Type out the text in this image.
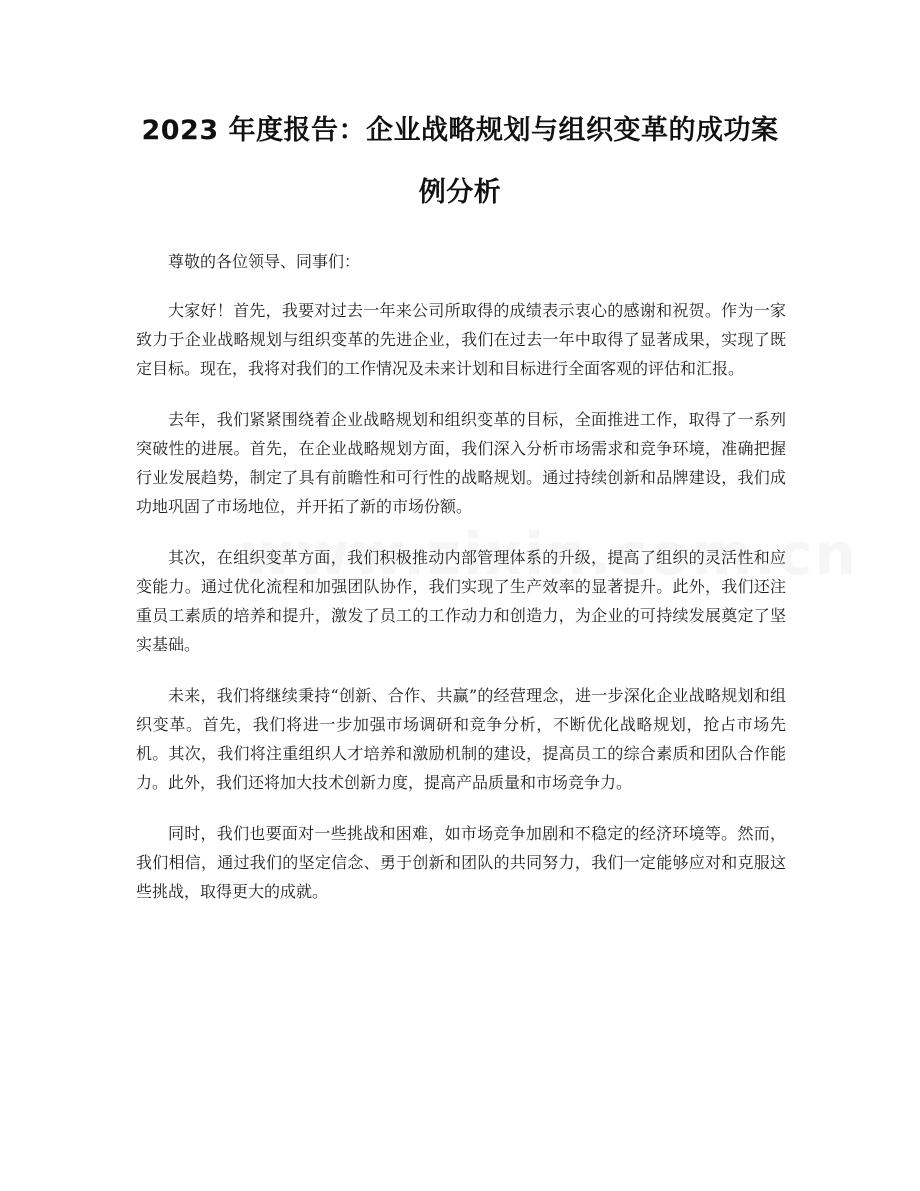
2023 年度报告：企业战略规划与组织变革的成功案例分析

尊敬的各位领导、同事们：

大家好！首先，我要对过去一年来公司所取得的成绩表示衷心的感谢和祝贺。作为一家致力于企业战略规划与组织变革的先进企业，我们在过去一年中取得了显著成果，实现了既定目标。现在，我将对我们的工作情况及未来计划和目标进行全面客观的评估和汇报。

去年，我们紧紧围绕着企业战略规划和组织变革的目标，全面推进工作，取得了一系列突破性的进展。首先，在企业战略规划方面，我们深入分析市场需求和竞争环境，准确把握行业发展趋势，制定了具有前瞻性和可行性的战略规划。通过持续创新和品牌建设，我们成功地巩固了市场地位，并开拓了新的市场份额。

其次，在组织变革方面，我们积极推动内部管理体系的升级，提高了组织的灵活性和应变能力。通过优化流程和加强团队协作，我们实现了生产效率的显著提升。此外，我们还注重员工素质的培养和提升，激发了员工的工作动力和创造力，为企业的可持续发展奠定了坚实基础。

未来，我们将继续秉持“创新、合作、共赢”的经营理念，进一步深化企业战略规划和组织变革。首先，我们将进一步加强市场调研和竞争分析，不断优化战略规划，抢占市场先机。其次，我们将注重组织人才培养和激励机制的建设，提高员工的综合素质和团队合作能力。此外，我们还将加大技术创新力度，提高产品质量和市场竞争力。

同时，我们也要面对一些挑战和困难，如市场竞争加剧和不稳定的经济环境等。然而，我们相信，通过我们的坚定信念、勇于创新和团队的共同努力，我们一定能够应对和克服这些挑战，取得更大的成就。
